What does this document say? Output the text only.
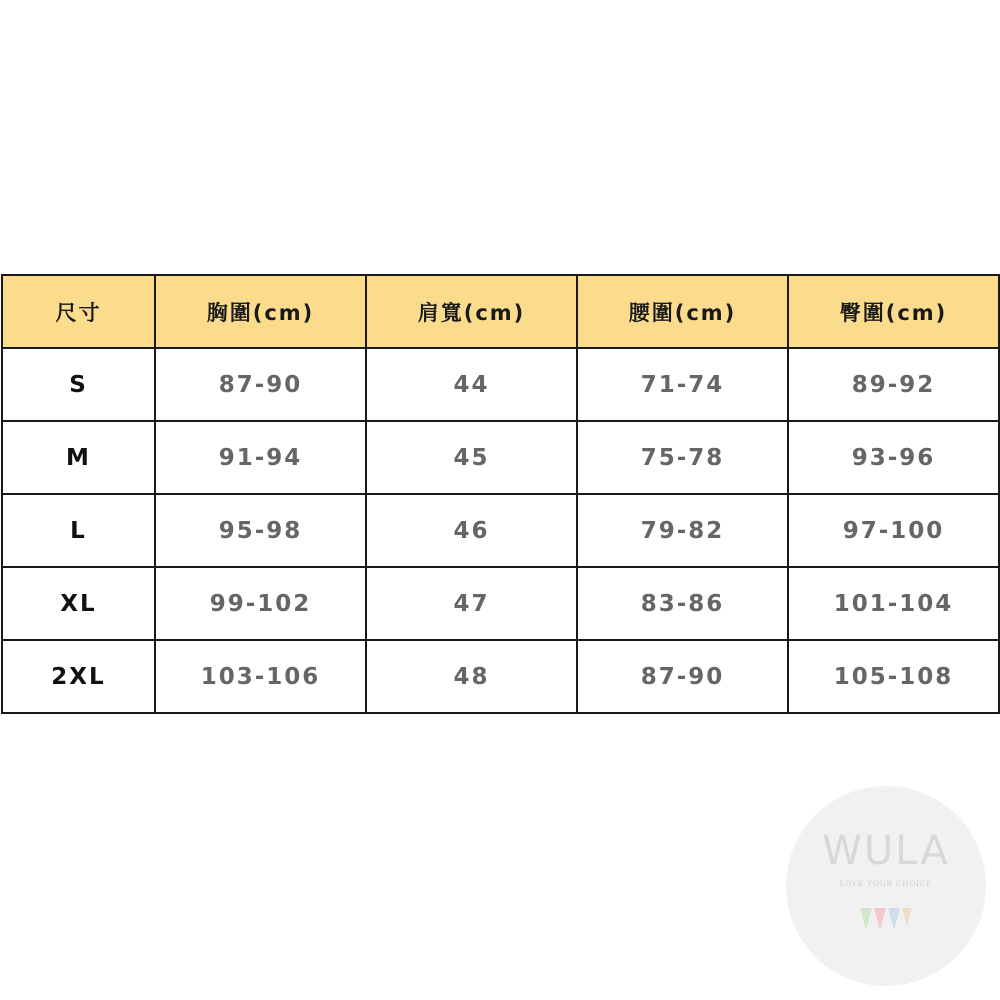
尺寸	胸圍(cm)	肩寬(cm)	腰圍(cm)	臀圍(cm)
S	87-90	44	71-74	89-92
M	91-94	45	75-78	93-96
L	95-98	46	79-82	97-100
XL	99-102	47	83-86	101-104
2XL	103-106	48	87-90	105-108
WULA
LOVE YOUR CHOICE
